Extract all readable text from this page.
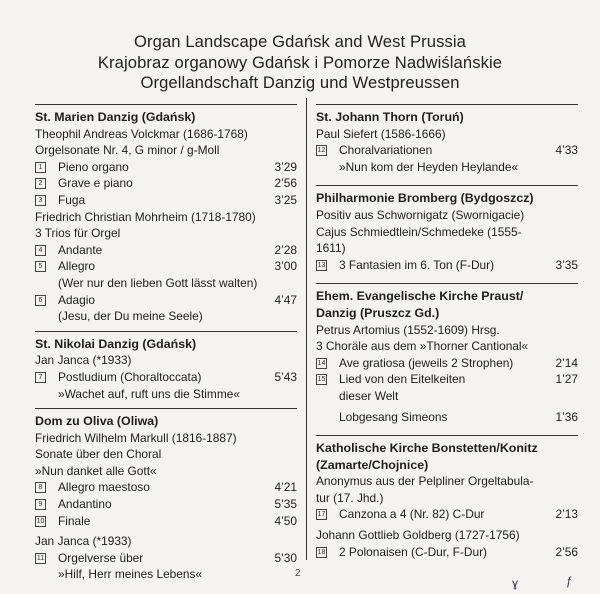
Organ Landscape Gdańsk and West Prussia
Krajobraz organowy Gdańsk i Pomorze Nadwiślańskie
Orgellandschaft Danzig und Westpreussen
St. Marien Danzig (Gdańsk)
Theophil Andreas Volckmar (1686-1768)
Orgelsonate Nr. 4, G minor / g-Moll
1	Pieno organo	3’29
2	Grave e piano	2’56
3	Fuga	3’25
Friedrich Christian Mohrheim (1718-1780)
3 Trios für Orgel
4	Andante	2’28
5	Allegro	3’00
(Wer nur den lieben Gott lässt walten)
6	Adagio	4’47
(Jesu, der Du meine Seele)
St. Nikolai Danzig (Gdańsk)
Jan Janca (*1933)
7	Postludium (Choraltoccata)	5’43
»Wachet auf, ruft uns die Stimme«
Dom zu Oliva (Oliwa)
Friedrich Wilhelm Markull (1816-1887)
Sonate über den Choral
»Nun danket alle Gott«
8	Allegro maestoso	4’21
9	Andantino	5’35
10	Finale	4’50
Jan Janca (*1933)
11	Orgelverse über	5’30
»Hilf, Herr meines Lebens«
St. Johann Thorn (Toruń)
Paul Siefert (1586-1666)
12	Choralvariationen	4’33
»Nun kom der Heyden Heylande«
Philharmonie Bromberg (Bydgoszcz)
Positiv aus Schwornigatz (Swornigacie)
Cajus Schmiedtlein/Schmedeke (1555-
1611)
13	3 Fantasien im 6. Ton (F-Dur)	3’35
Ehem. Evangelische Kirche Praust/
Danzig (Pruszcz Gd.)
Petrus Artomius (1552-1609) Hrsg.
3 Choräle aus dem »Thorner Cantional«
14	Ave gratiosa (jeweils 2 Strophen)	2’14
15	Lied von den Eitelkeiten	1’27
dieser Welt
Lobgesang Simeons	1’36
Katholische Kirche Bonstetten/Konitz
(Zamarte/Chojnice)
Anonymus aus der Pelpliner Orgeltabula-
tur (17. Jhd.)
17	Canzona a 4 (Nr. 82) C-Dur	2’13
Johann Gottlieb Goldberg (1727-1756)
18	2 Polonaisen (C-Dur, F-Dur)	2’56
2
ɣ	ƒ
